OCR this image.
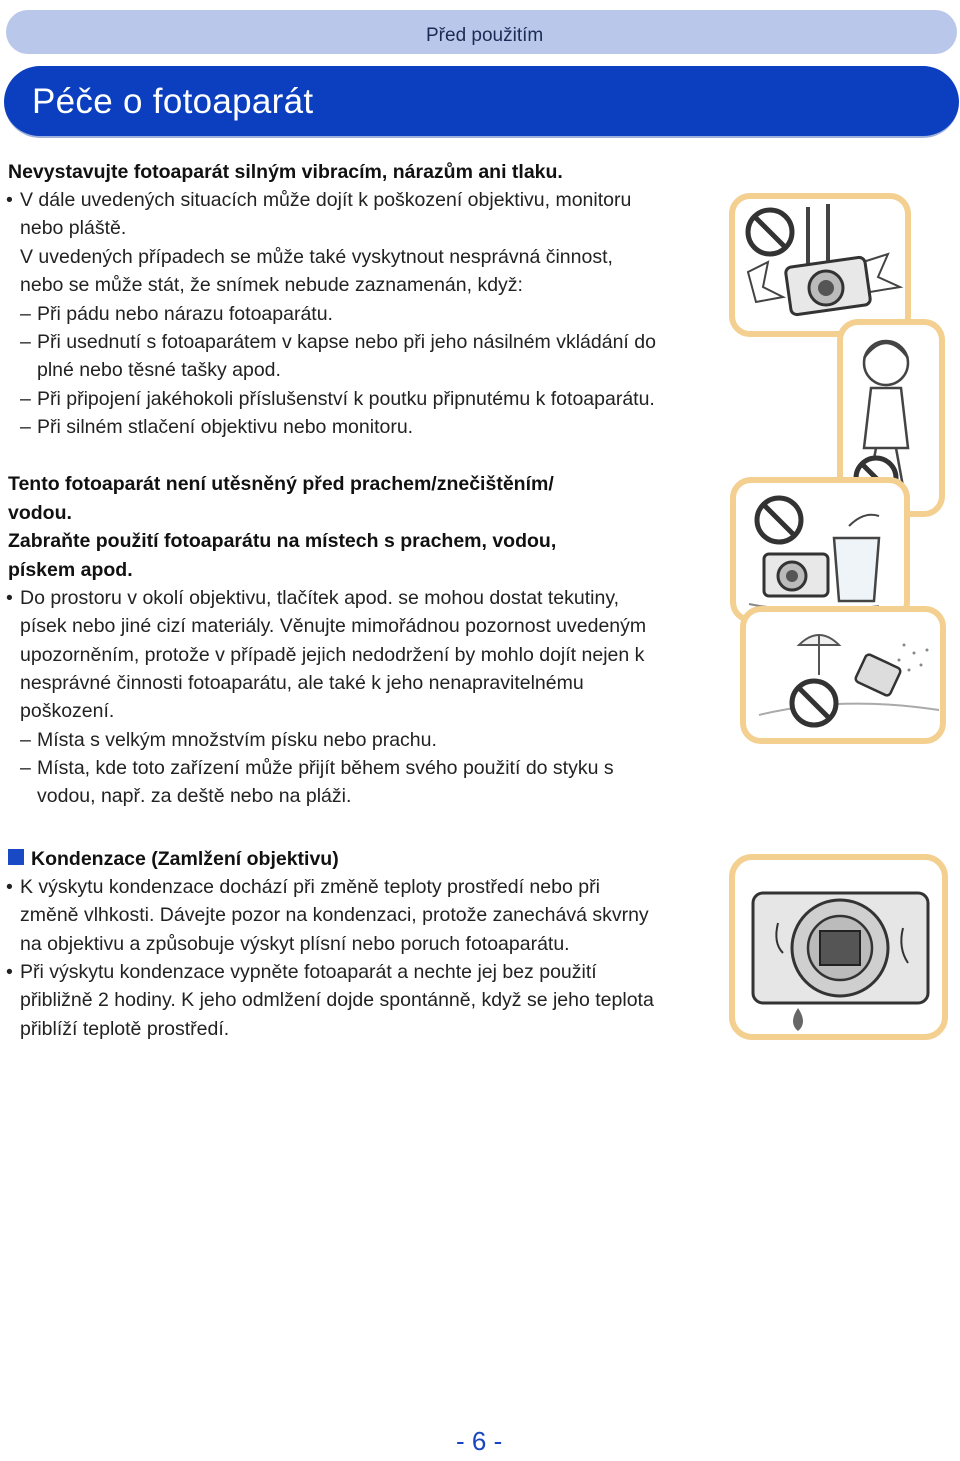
Před použitím
Péče o fotoaparát
Nevystavujte fotoaparát silným vibracím, nárazům ani tlaku.
• V dále uvedených situacích může dojít k poškození objektivu, monitoru
nebo pláště.
V uvedených případech se může také vyskytnout nesprávná činnost,
nebo se může stát, že snímek nebude zaznamenán, když:
– Při pádu nebo nárazu fotoaparátu.
– Při usednutí s fotoaparátem v kapse nebo při jeho násilném vkládání do
plné nebo těsné tašky apod.
– Při připojení jakéhokoli příslušenství k poutku připnutému k fotoaparátu.
– Při silném stlačení objektivu nebo monitoru.
Tento fotoaparát není utěsněný před prachem/znečištěním/
vodou.
Zabraňte použití fotoaparátu na místech s prachem, vodou,
pískem apod.
• Do prostoru v okolí objektivu, tlačítek apod. se mohou dostat tekutiny,
písek nebo jiné cizí materiály. Věnujte mimořádnou pozornost uvedeným
upozorněním, protože v případě jejich nedodržení by mohlo dojít nejen k
nesprávné činnosti fotoaparátu, ale také k jeho nenapravitelnému
poškození.
– Místa s velkým množstvím písku nebo prachu.
– Místa, kde toto zařízení může přijít během svého použití do styku s
vodou, např. za deště nebo na pláži.
Kondenzace (Zamlžení objektivu)
• K výskytu kondenzace dochází při změně teploty prostředí nebo při
změně vlhkosti. Dávejte pozor na kondenzaci, protože zanechává skvrny
na objektivu a způsobuje výskyt plísní nebo poruch fotoaparátu.
• Při výskytu kondenzace vypněte fotoaparát a nechte jej bez použití
přibližně 2 hodiny. K jeho odmlžení dojde spontánně, když se jeho teplota
přiblíží teplotě prostředí.
- 6 -
